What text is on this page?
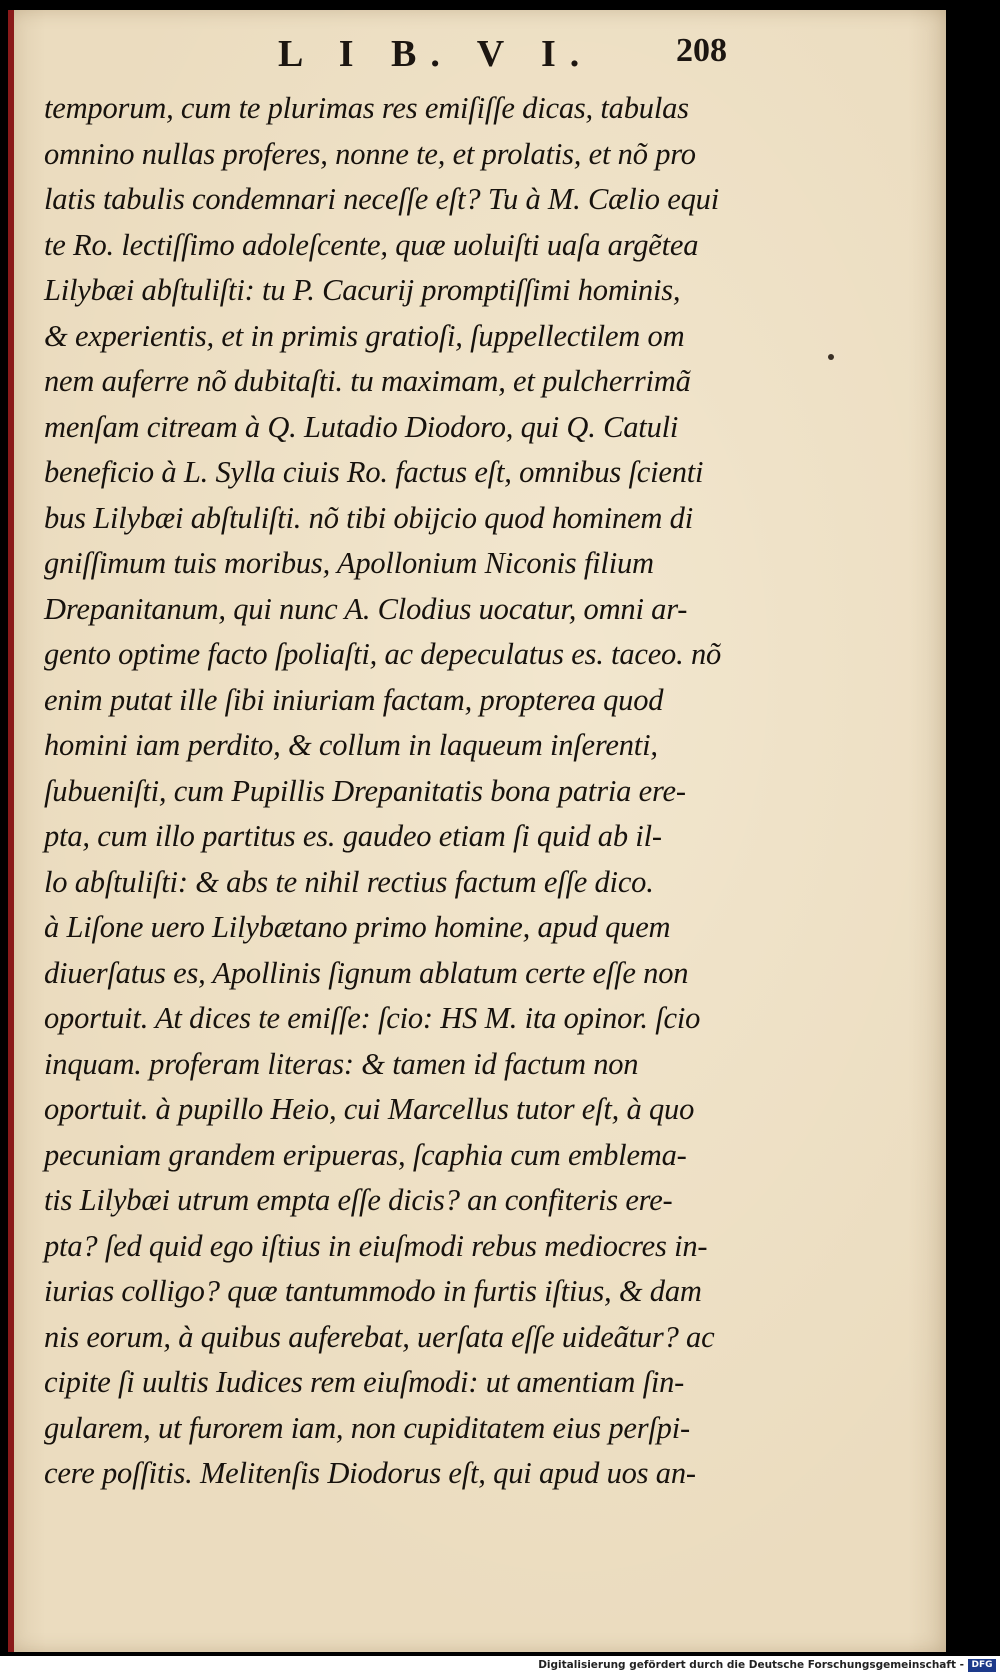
L I B. V I. 208
temporum, cum te plurimas res emiſiſſe dicas, tabulas
omnino nullas proferes, nonne te, et prolatis, et nõ pro
latis tabulis condemnari neceſſe eſt? Tu à M. Cælio equi
te Ro. lectiſſimo adoleſcente, quæ uoluiſti uaſa argẽtea
Lilybæi abſtuliſti: tu P. Cacurij promptiſſimi hominis,
& experientis, et in primis gratioſi, ſuppellectilem om
nem auferre nõ dubitaſti. tu maximam, et pulcherrimã
menſam citream à Q. Lutadio Diodoro, qui Q. Catuli
beneficio à L. Sylla ciuis Ro. factus eſt, omnibus ſcienti
bus Lilybæi abſtuliſti. nõ tibi obijcio quod hominem di
gniſſimum tuis moribus, Apollonium Niconis filium
Drepanitanum, qui nunc A. Clodius uocatur, omni ar-
gento optime facto ſpoliaſti, ac depeculatus es. taceo. nõ
enim putat ille ſibi iniuriam factam, propterea quod
homini iam perdito, & collum in laqueum inſerenti,
ſubueniſti, cum Pupillis Drepanitatis bona patria ere-
pta, cum illo partitus es. gaudeo etiam ſi quid ab il-
lo abſtuliſti: & abs te nihil rectius factum eſſe dico.
à Liſone uero Lilybætano primo homine, apud quem
diuerſatus es, Apollinis ſignum ablatum certe eſſe non
oportuit. At dices te emiſſe: ſcio: HS M. ita opinor. ſcio
inquam. proferam literas: & tamen id factum non
oportuit. à pupillo Heio, cui Marcellus tutor eſt, à quo
pecuniam grandem eripueras, ſcaphia cum emblema-
tis Lilybæi utrum empta eſſe dicis? an confiteris ere-
pta? ſed quid ego iſtius in eiuſmodi rebus mediocres in-
iurias colligo? quæ tantummodo in furtis iſtius, & dam
nis eorum, à quibus auferebat, uerſata eſſe uideãtur? ac
cipite ſi uultis Iudices rem eiuſmodi: ut amentiam ſin-
gularem, ut furorem iam, non cupiditatem eius perſpi-
cere poſſitis. Melitenſis Diodorus eſt, qui apud uos an-
Digitalisierung gefördert durch die Deutsche Forschungsgemeinschaft - DFG
